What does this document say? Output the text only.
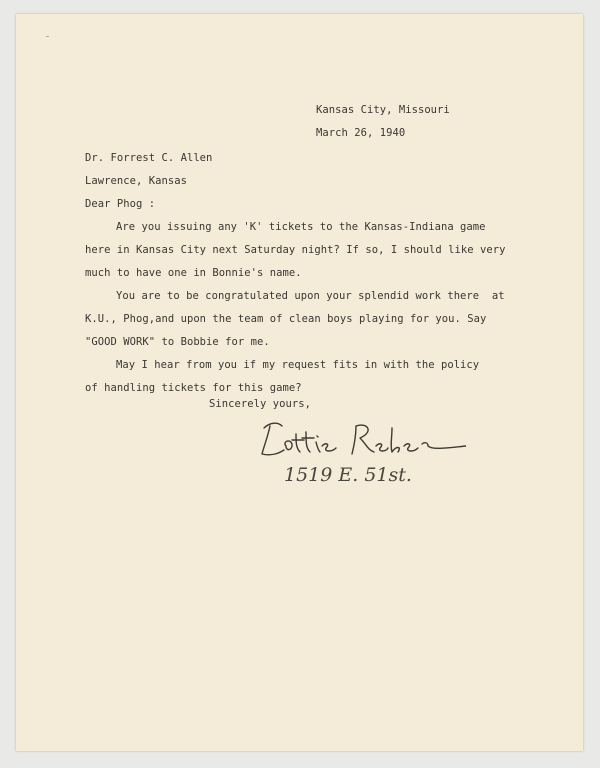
Kansas City, Missouri
March 26, 1940
Dr. Forrest C. Allen
Lawrence, Kansas
Dear Phog :
Are you issuing any 'K' tickets to the Kansas-Indiana game
here in Kansas City next Saturday night? If so, I should like very
much to have one in Bonnie's name.
You are to be congratulated upon your splendid work there  at
K.U., Phog,and upon the team of clean boys playing for you. Say
"GOOD WORK" to Bobbie for me.
May I hear from you if my request fits in with the policy
of handling tickets for this game?
Sincerely yours,
1519 E. 51st.
